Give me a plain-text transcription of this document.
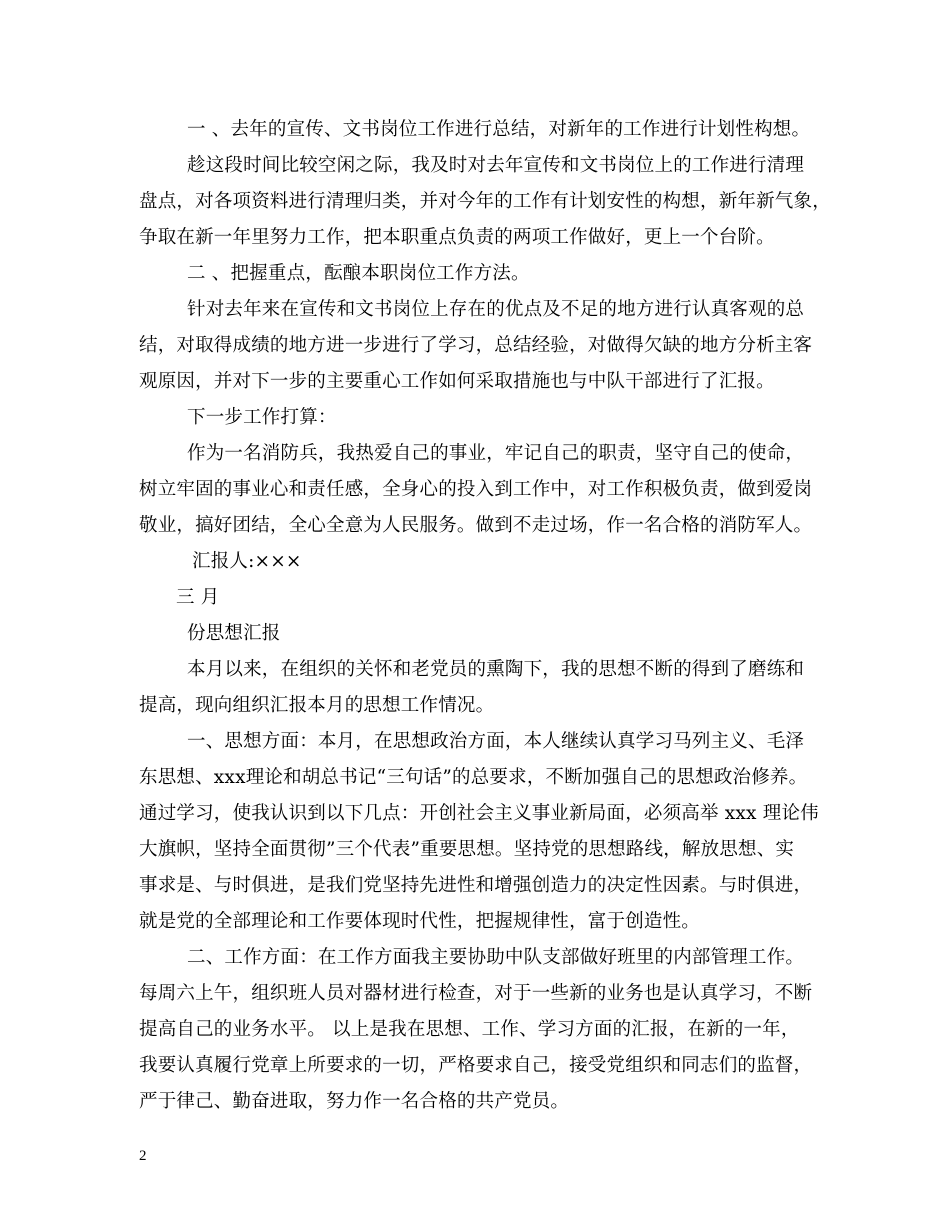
一 、去年的宣传、文书岗位工作进行总结，对新年的工作进行计划性构想。
趁这段时间比较空闲之际，我及时对去年宣传和文书岗位上的工作进行清理
盘点，对各项资料进行清理归类，并对今年的工作有计划安性的构想，新年新气象，
争取在新一年里努力工作，把本职重点负责的两项工作做好，更上一个台阶。
二 、把握重点，酝酿本职岗位工作方法。
针对去年来在宣传和文书岗位上存在的优点及不足的地方进行认真客观的总
结，对取得成绩的地方进一步进行了学习，总结经验，对做得欠缺的地方分析主客
观原因，并对下一步的主要重心工作如何采取措施也与中队干部进行了汇报。
下一步工作打算：
作为一名消防兵，我热爱自己的事业，牢记自己的职责，坚守自己的使命，
树立牢固的事业心和责任感，全身心的投入到工作中，对工作积极负责，做到爱岗
敬业，搞好团结，全心全意为人民服务。做到不走过场，作一名合格的消防军人。
汇报人:×××
三 月
份思想汇报
本月以来，在组织的关怀和老党员的熏陶下，我的思想不断的得到了磨练和
提高，现向组织汇报本月的思想工作情况。
一、思想方面：本月，在思想政治方面，本人继续认真学习马列主义、毛泽
东思想、xxx理论和胡总书记“三句话”的总要求，不断加强自己的思想政治修养。
通过学习，使我认识到以下几点：开创社会主义事业新局面，必须高举 xxx 理论伟
大旗帜，坚持全面贯彻”三个代表”重要思想。坚持党的思想路线，解放思想、实
事求是、与时俱进，是我们党坚持先进性和增强创造力的决定性因素。与时俱进，
就是党的全部理论和工作要体现时代性，把握规律性，富于创造性。
二、工作方面：在工作方面我主要协助中队支部做好班里的内部管理工作。
每周六上午，组织班人员对器材进行检查，对于一些新的业务也是认真学习，不断
提高自己的业务水平。 以上是我在思想、工作、学习方面的汇报，在新的一年，
我要认真履行党章上所要求的一切，严格要求自己，接受党组织和同志们的监督，
严于律己、勤奋进取，努力作一名合格的共产党员。
2
